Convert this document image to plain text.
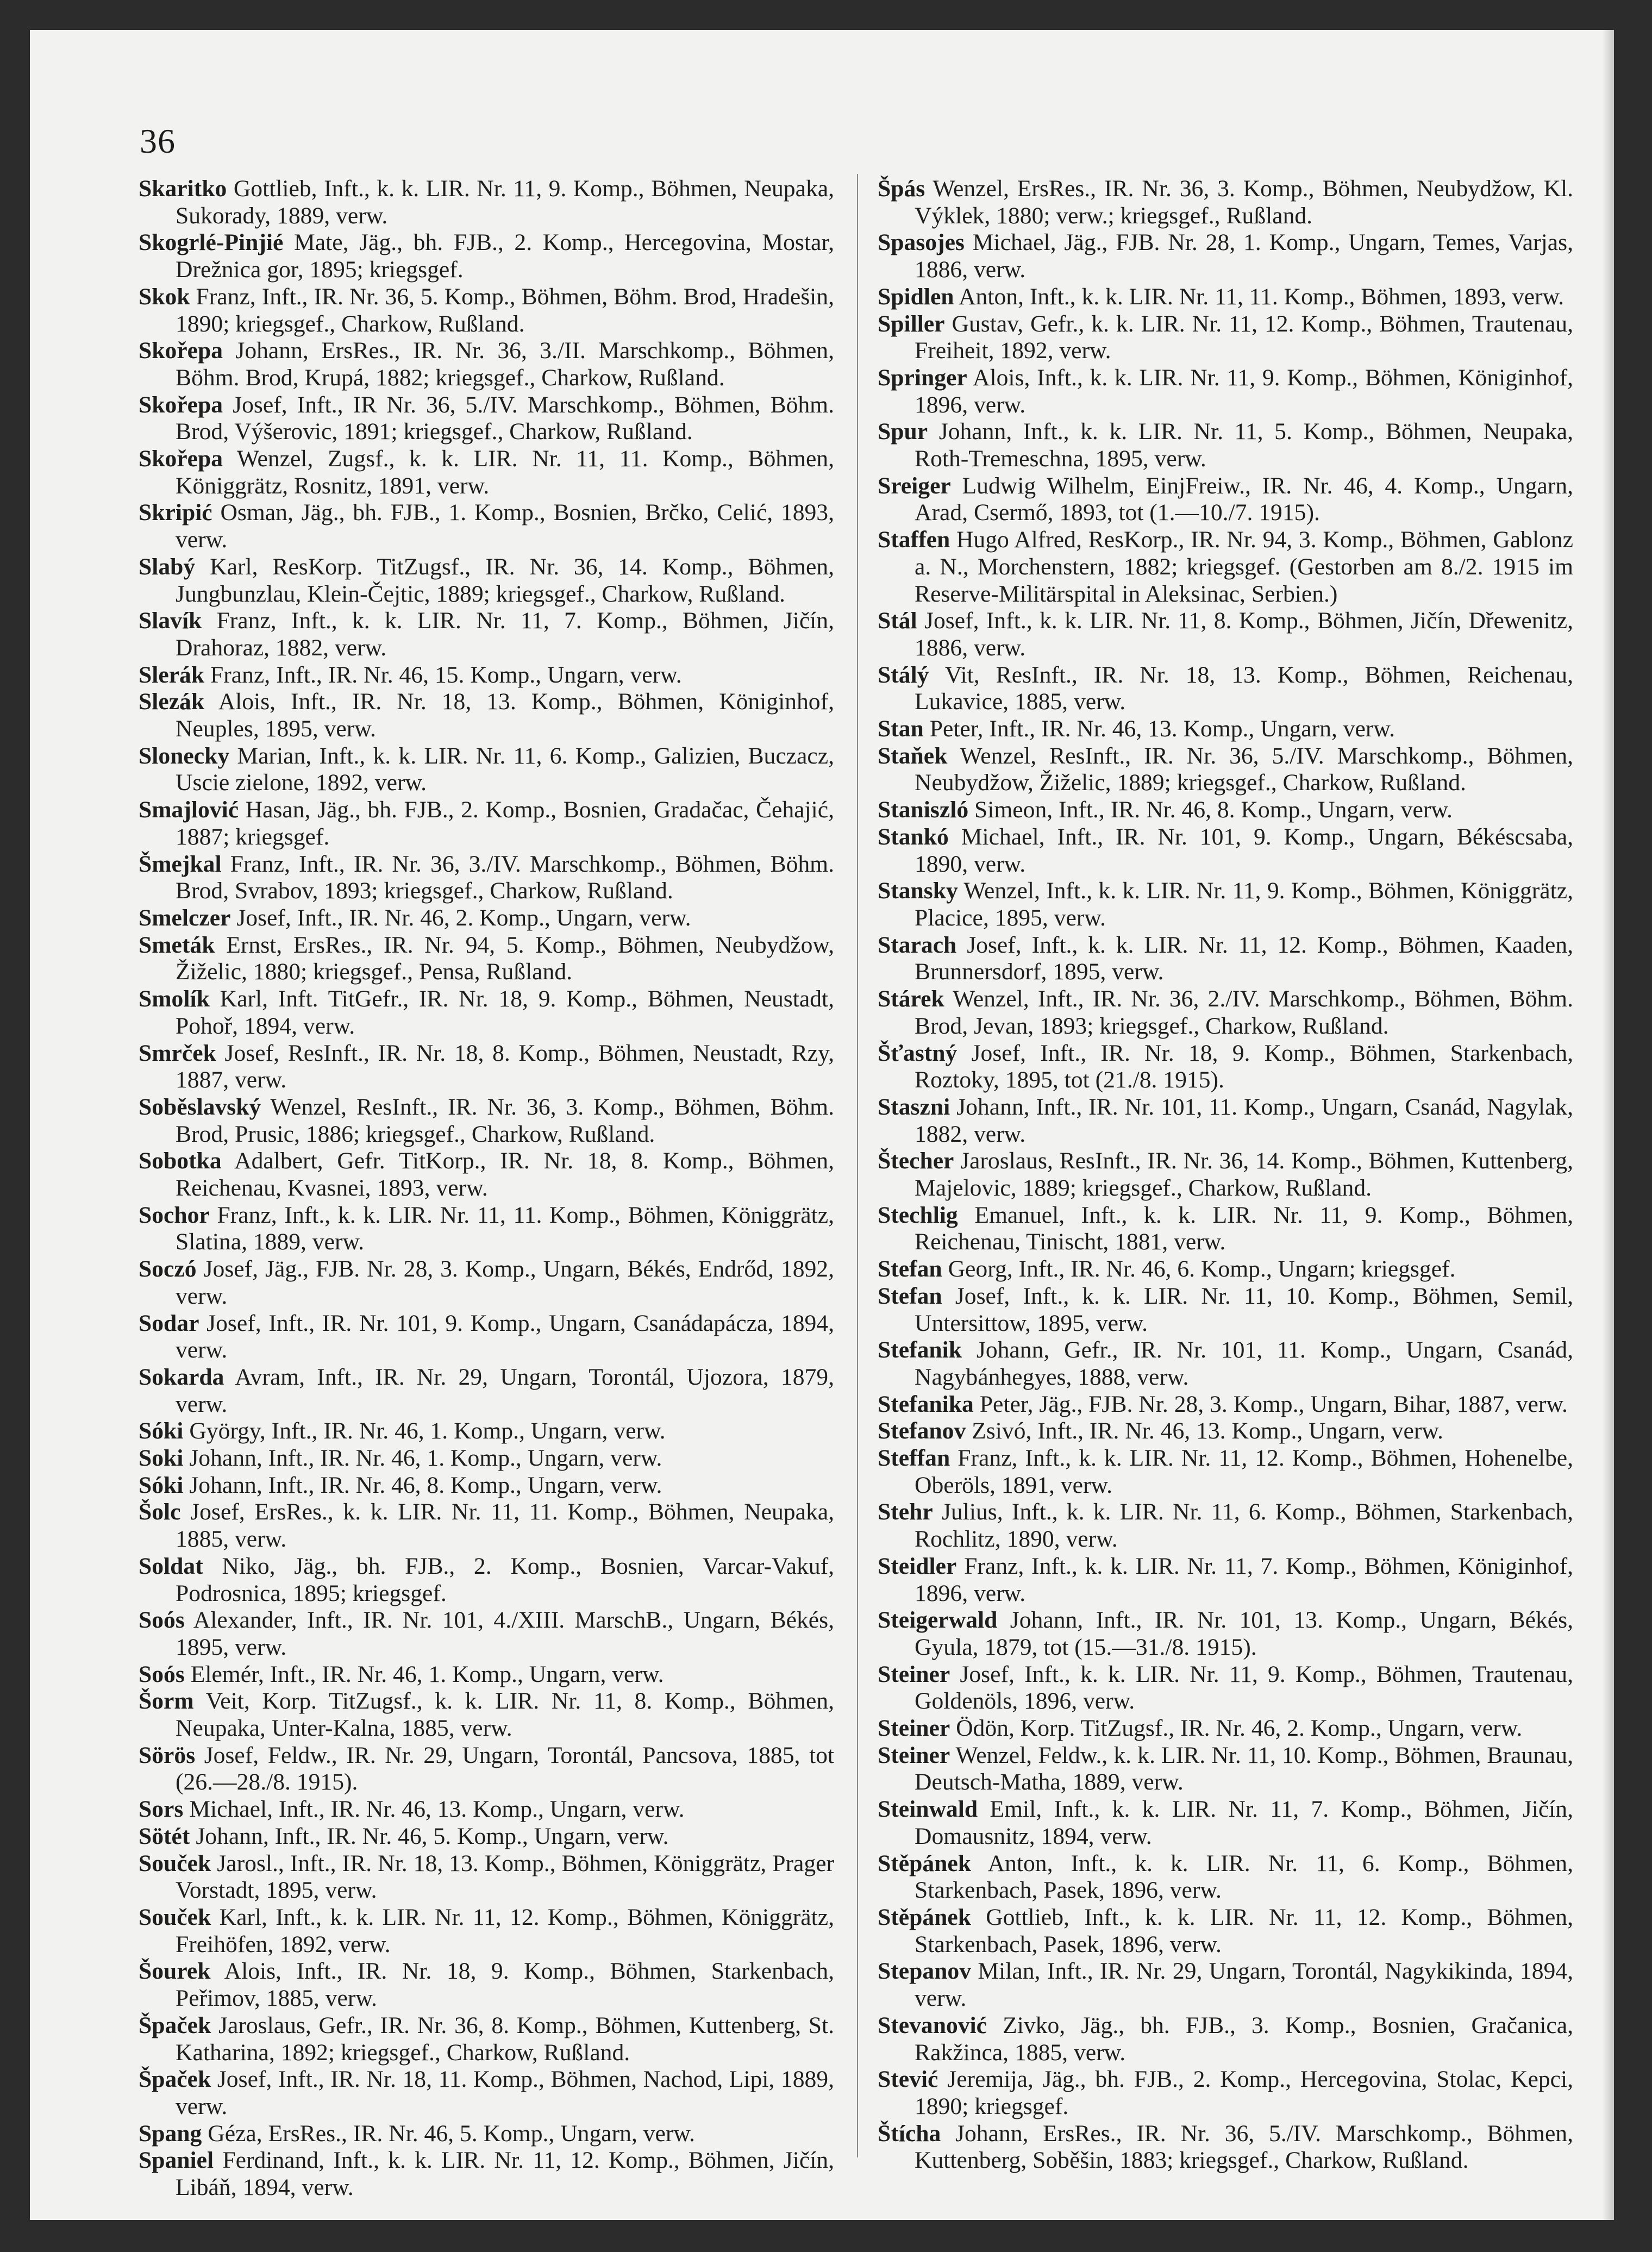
36

Skaritko Gottlieb, Inft., k. k. LIR. Nr. 11, 9. Komp., Böhmen, Neupaka, Sukorady, 1889, verw.

Skogrlé-Pinjié Mate, Jäg., bh. FJB., 2. Komp., Hercegovina, Mostar, Drežnica gor, 1895; kriegsgef.

Skok Franz, Inft., IR. Nr. 36, 5. Komp., Böhmen, Böhm. Brod, Hradešin, 1890; kriegsgef., Charkow, Rußland.

Skořepa Johann, ErsRes., IR. Nr. 36, 3./II. Marschkomp., Böhmen, Böhm. Brod, Krupá, 1882; kriegsgef., Charkow, Rußland.

Skořepa Josef, Inft., IR Nr. 36, 5./IV. Marschkomp., Böhmen, Böhm. Brod, Výšerovic, 1891; kriegsgef., Charkow, Rußland.

Skořepa Wenzel, Zugsf., k. k. LIR. Nr. 11, 11. Komp., Böhmen, Königgrätz, Rosnitz, 1891, verw.

Skripić Osman, Jäg., bh. FJB., 1. Komp., Bosnien, Brčko, Celić, 1893, verw.

Slabý Karl, ResKorp. TitZugsf., IR. Nr. 36, 14. Komp., Böhmen, Jungbunzlau, Klein-Čejtic, 1889; kriegsgef., Charkow, Rußland.

Slavík Franz, Inft., k. k. LIR. Nr. 11, 7. Komp., Böhmen, Jičín, Drahoraz, 1882, verw.

Slerák Franz, Inft., IR. Nr. 46, 15. Komp., Ungarn, verw.

Slezák Alois, Inft., IR. Nr. 18, 13. Komp., Böhmen, Königinhof, Neuples, 1895, verw.

Slonecky Marian, Inft., k. k. LIR. Nr. 11, 6. Komp., Galizien, Buczacz, Uscie zielone, 1892, verw.

Smajlović Hasan, Jäg., bh. FJB., 2. Komp., Bosnien, Gradačac, Čehajić, 1887; kriegsgef.

Šmejkal Franz, Inft., IR. Nr. 36, 3./IV. Marschkomp., Böhmen, Böhm. Brod, Svrabov, 1893; kriegsgef., Charkow, Rußland.

Smelczer Josef, Inft., IR. Nr. 46, 2. Komp., Ungarn, verw.

Smeták Ernst, ErsRes., IR. Nr. 94, 5. Komp., Böhmen, Neubydžow, Žiželic, 1880; kriegsgef., Pensa, Rußland.

Smolík Karl, Inft. TitGefr., IR. Nr. 18, 9. Komp., Böhmen, Neustadt, Pohoř, 1894, verw.

Smrček Josef, ResInft., IR. Nr. 18, 8. Komp., Böhmen, Neustadt, Rzy, 1887, verw.

Soběslavský Wenzel, ResInft., IR. Nr. 36, 3. Komp., Böhmen, Böhm. Brod, Prusic, 1886; kriegsgef., Charkow, Rußland.

Sobotka Adalbert, Gefr. TitKorp., IR. Nr. 18, 8. Komp., Böhmen, Reichenau, Kvasnei, 1893, verw.

Sochor Franz, Inft., k. k. LIR. Nr. 11, 11. Komp., Böhmen, Königgrätz, Slatina, 1889, verw.

Soczó Josef, Jäg., FJB. Nr. 28, 3. Komp., Ungarn, Békés, Endrőd, 1892, verw.

Sodar Josef, Inft., IR. Nr. 101, 9. Komp., Ungarn, Csanádapácza, 1894, verw.

Sokarda Avram, Inft., IR. Nr. 29, Ungarn, Torontál, Ujozora, 1879, verw.

Sóki György, Inft., IR. Nr. 46, 1. Komp., Ungarn, verw.

Soki Johann, Inft., IR. Nr. 46, 1. Komp., Ungarn, verw.

Sóki Johann, Inft., IR. Nr. 46, 8. Komp., Ungarn, verw.

Šolc Josef, ErsRes., k. k. LIR. Nr. 11, 11. Komp., Böhmen, Neupaka, 1885, verw.

Soldat Niko, Jäg., bh. FJB., 2. Komp., Bosnien, Varcar-Vakuf, Podrosnica, 1895; kriegsgef.

Soós Alexander, Inft., IR. Nr. 101, 4./XIII. MarschB., Ungarn, Békés, 1895, verw.

Soós Elemér, Inft., IR. Nr. 46, 1. Komp., Ungarn, verw.

Šorm Veit, Korp. TitZugsf., k. k. LIR. Nr. 11, 8. Komp., Böhmen, Neupaka, Unter-Kalna, 1885, verw.

Sörös Josef, Feldw., IR. Nr. 29, Ungarn, Torontál, Pancsova, 1885, tot (26.—28./8. 1915).

Sors Michael, Inft., IR. Nr. 46, 13. Komp., Ungarn, verw.

Sötét Johann, Inft., IR. Nr. 46, 5. Komp., Ungarn, verw.

Souček Jarosl., Inft., IR. Nr. 18, 13. Komp., Böhmen, Königgrätz, Prager Vorstadt, 1895, verw.

Souček Karl, Inft., k. k. LIR. Nr. 11, 12. Komp., Böhmen, Königgrätz, Freihöfen, 1892, verw.

Šourek Alois, Inft., IR. Nr. 18, 9. Komp., Böhmen, Starkenbach, Peřimov, 1885, verw.

Špaček Jaroslaus, Gefr., IR. Nr. 36, 8. Komp., Böhmen, Kuttenberg, St. Katharina, 1892; kriegsgef., Charkow, Rußland.

Špaček Josef, Inft., IR. Nr. 18, 11. Komp., Böhmen, Nachod, Lipi, 1889, verw.

Spang Géza, ErsRes., IR. Nr. 46, 5. Komp., Ungarn, verw.

Spaniel Ferdinand, Inft., k. k. LIR. Nr. 11, 12. Komp., Böhmen, Jičín, Libáň, 1894, verw.

Špás Wenzel, ErsRes., IR. Nr. 36, 3. Komp., Böhmen, Neubydžow, Kl. Výklek, 1880; verw.; kriegsgef., Rußland.

Spasojes Michael, Jäg., FJB. Nr. 28, 1. Komp., Ungarn, Temes, Varjas, 1886, verw.

Spidlen Anton, Inft., k. k. LIR. Nr. 11, 11. Komp., Böhmen, 1893, verw.

Spiller Gustav, Gefr., k. k. LIR. Nr. 11, 12. Komp., Böhmen, Trautenau, Freiheit, 1892, verw.

Springer Alois, Inft., k. k. LIR. Nr. 11, 9. Komp., Böhmen, Königinhof, 1896, verw.

Spur Johann, Inft., k. k. LIR. Nr. 11, 5. Komp., Böhmen, Neupaka, Roth-Tremeschna, 1895, verw.

Sreiger Ludwig Wilhelm, EinjFreiw., IR. Nr. 46, 4. Komp., Ungarn, Arad, Csermő, 1893, tot (1.—10./7. 1915).

Staffen Hugo Alfred, ResKorp., IR. Nr. 94, 3. Komp., Böhmen, Gablonz a. N., Morchenstern, 1882; kriegsgef. (Gestorben am 8./2. 1915 im Reserve-Militärspital in Aleksinac, Serbien.)

Stál Josef, Inft., k. k. LIR. Nr. 11, 8. Komp., Böhmen, Jičín, Dřewenitz, 1886, verw.

Stálý Vit, ResInft., IR. Nr. 18, 13. Komp., Böhmen, Reichenau, Lukavice, 1885, verw.

Stan Peter, Inft., IR. Nr. 46, 13. Komp., Ungarn, verw.

Staňek Wenzel, ResInft., IR. Nr. 36, 5./IV. Marschkomp., Böhmen, Neubydžow, Žiželic, 1889; kriegsgef., Charkow, Rußland.

Staniszló Simeon, Inft., IR. Nr. 46, 8. Komp., Ungarn, verw.

Stankó Michael, Inft., IR. Nr. 101, 9. Komp., Ungarn, Békéscsaba, 1890, verw.

Stansky Wenzel, Inft., k. k. LIR. Nr. 11, 9. Komp., Böhmen, Königgrätz, Placice, 1895, verw.

Starach Josef, Inft., k. k. LIR. Nr. 11, 12. Komp., Böhmen, Kaaden, Brunnersdorf, 1895, verw.

Stárek Wenzel, Inft., IR. Nr. 36, 2./IV. Marschkomp., Böhmen, Böhm. Brod, Jevan, 1893; kriegsgef., Charkow, Rußland.

Šťastný Josef, Inft., IR. Nr. 18, 9. Komp., Böhmen, Starkenbach, Roztoky, 1895, tot (21./8. 1915).

Staszni Johann, Inft., IR. Nr. 101, 11. Komp., Ungarn, Csanád, Nagylak, 1882, verw.

Štecher Jaroslaus, ResInft., IR. Nr. 36, 14. Komp., Böhmen, Kuttenberg, Majelovic, 1889; kriegsgef., Charkow, Rußland.

Stechlig Emanuel, Inft., k. k. LIR. Nr. 11, 9. Komp., Böhmen, Reichenau, Tinischt, 1881, verw.

Stefan Georg, Inft., IR. Nr. 46, 6. Komp., Ungarn; kriegsgef.

Stefan Josef, Inft., k. k. LIR. Nr. 11, 10. Komp., Böhmen, Semil, Untersittow, 1895, verw.

Stefanik Johann, Gefr., IR. Nr. 101, 11. Komp., Ungarn, Csanád, Nagybánhegyes, 1888, verw.

Stefanika Peter, Jäg., FJB. Nr. 28, 3. Komp., Ungarn, Bihar, 1887, verw.

Stefanov Zsivó, Inft., IR. Nr. 46, 13. Komp., Ungarn, verw.

Steffan Franz, Inft., k. k. LIR. Nr. 11, 12. Komp., Böhmen, Hohenelbe, Oberöls, 1891, verw.

Stehr Julius, Inft., k. k. LIR. Nr. 11, 6. Komp., Böhmen, Starkenbach, Rochlitz, 1890, verw.

Steidler Franz, Inft., k. k. LIR. Nr. 11, 7. Komp., Böhmen, Königinhof, 1896, verw.

Steigerwald Johann, Inft., IR. Nr. 101, 13. Komp., Ungarn, Békés, Gyula, 1879, tot (15.—31./8. 1915).

Steiner Josef, Inft., k. k. LIR. Nr. 11, 9. Komp., Böhmen, Trautenau, Goldenöls, 1896, verw.

Steiner Ödön, Korp. TitZugsf., IR. Nr. 46, 2. Komp., Ungarn, verw.

Steiner Wenzel, Feldw., k. k. LIR. Nr. 11, 10. Komp., Böhmen, Braunau, Deutsch-Matha, 1889, verw.

Steinwald Emil, Inft., k. k. LIR. Nr. 11, 7. Komp., Böhmen, Jičín, Domausnitz, 1894, verw.

Stěpánek Anton, Inft., k. k. LIR. Nr. 11, 6. Komp., Böhmen, Starkenbach, Pasek, 1896, verw.

Stěpánek Gottlieb, Inft., k. k. LIR. Nr. 11, 12. Komp., Böhmen, Starkenbach, Pasek, 1896, verw.

Stepanov Milan, Inft., IR. Nr. 29, Ungarn, Torontál, Nagykikinda, 1894, verw.

Stevanović Zivko, Jäg., bh. FJB., 3. Komp., Bosnien, Gračanica, Rakžinca, 1885, verw.

Stević Jeremija, Jäg., bh. FJB., 2. Komp., Hercegovina, Stolac, Kepci, 1890; kriegsgef.

Štícha Johann, ErsRes., IR. Nr. 36, 5./IV. Marschkomp., Böhmen, Kuttenberg, Soběšin, 1883; kriegsgef., Charkow, Rußland.
